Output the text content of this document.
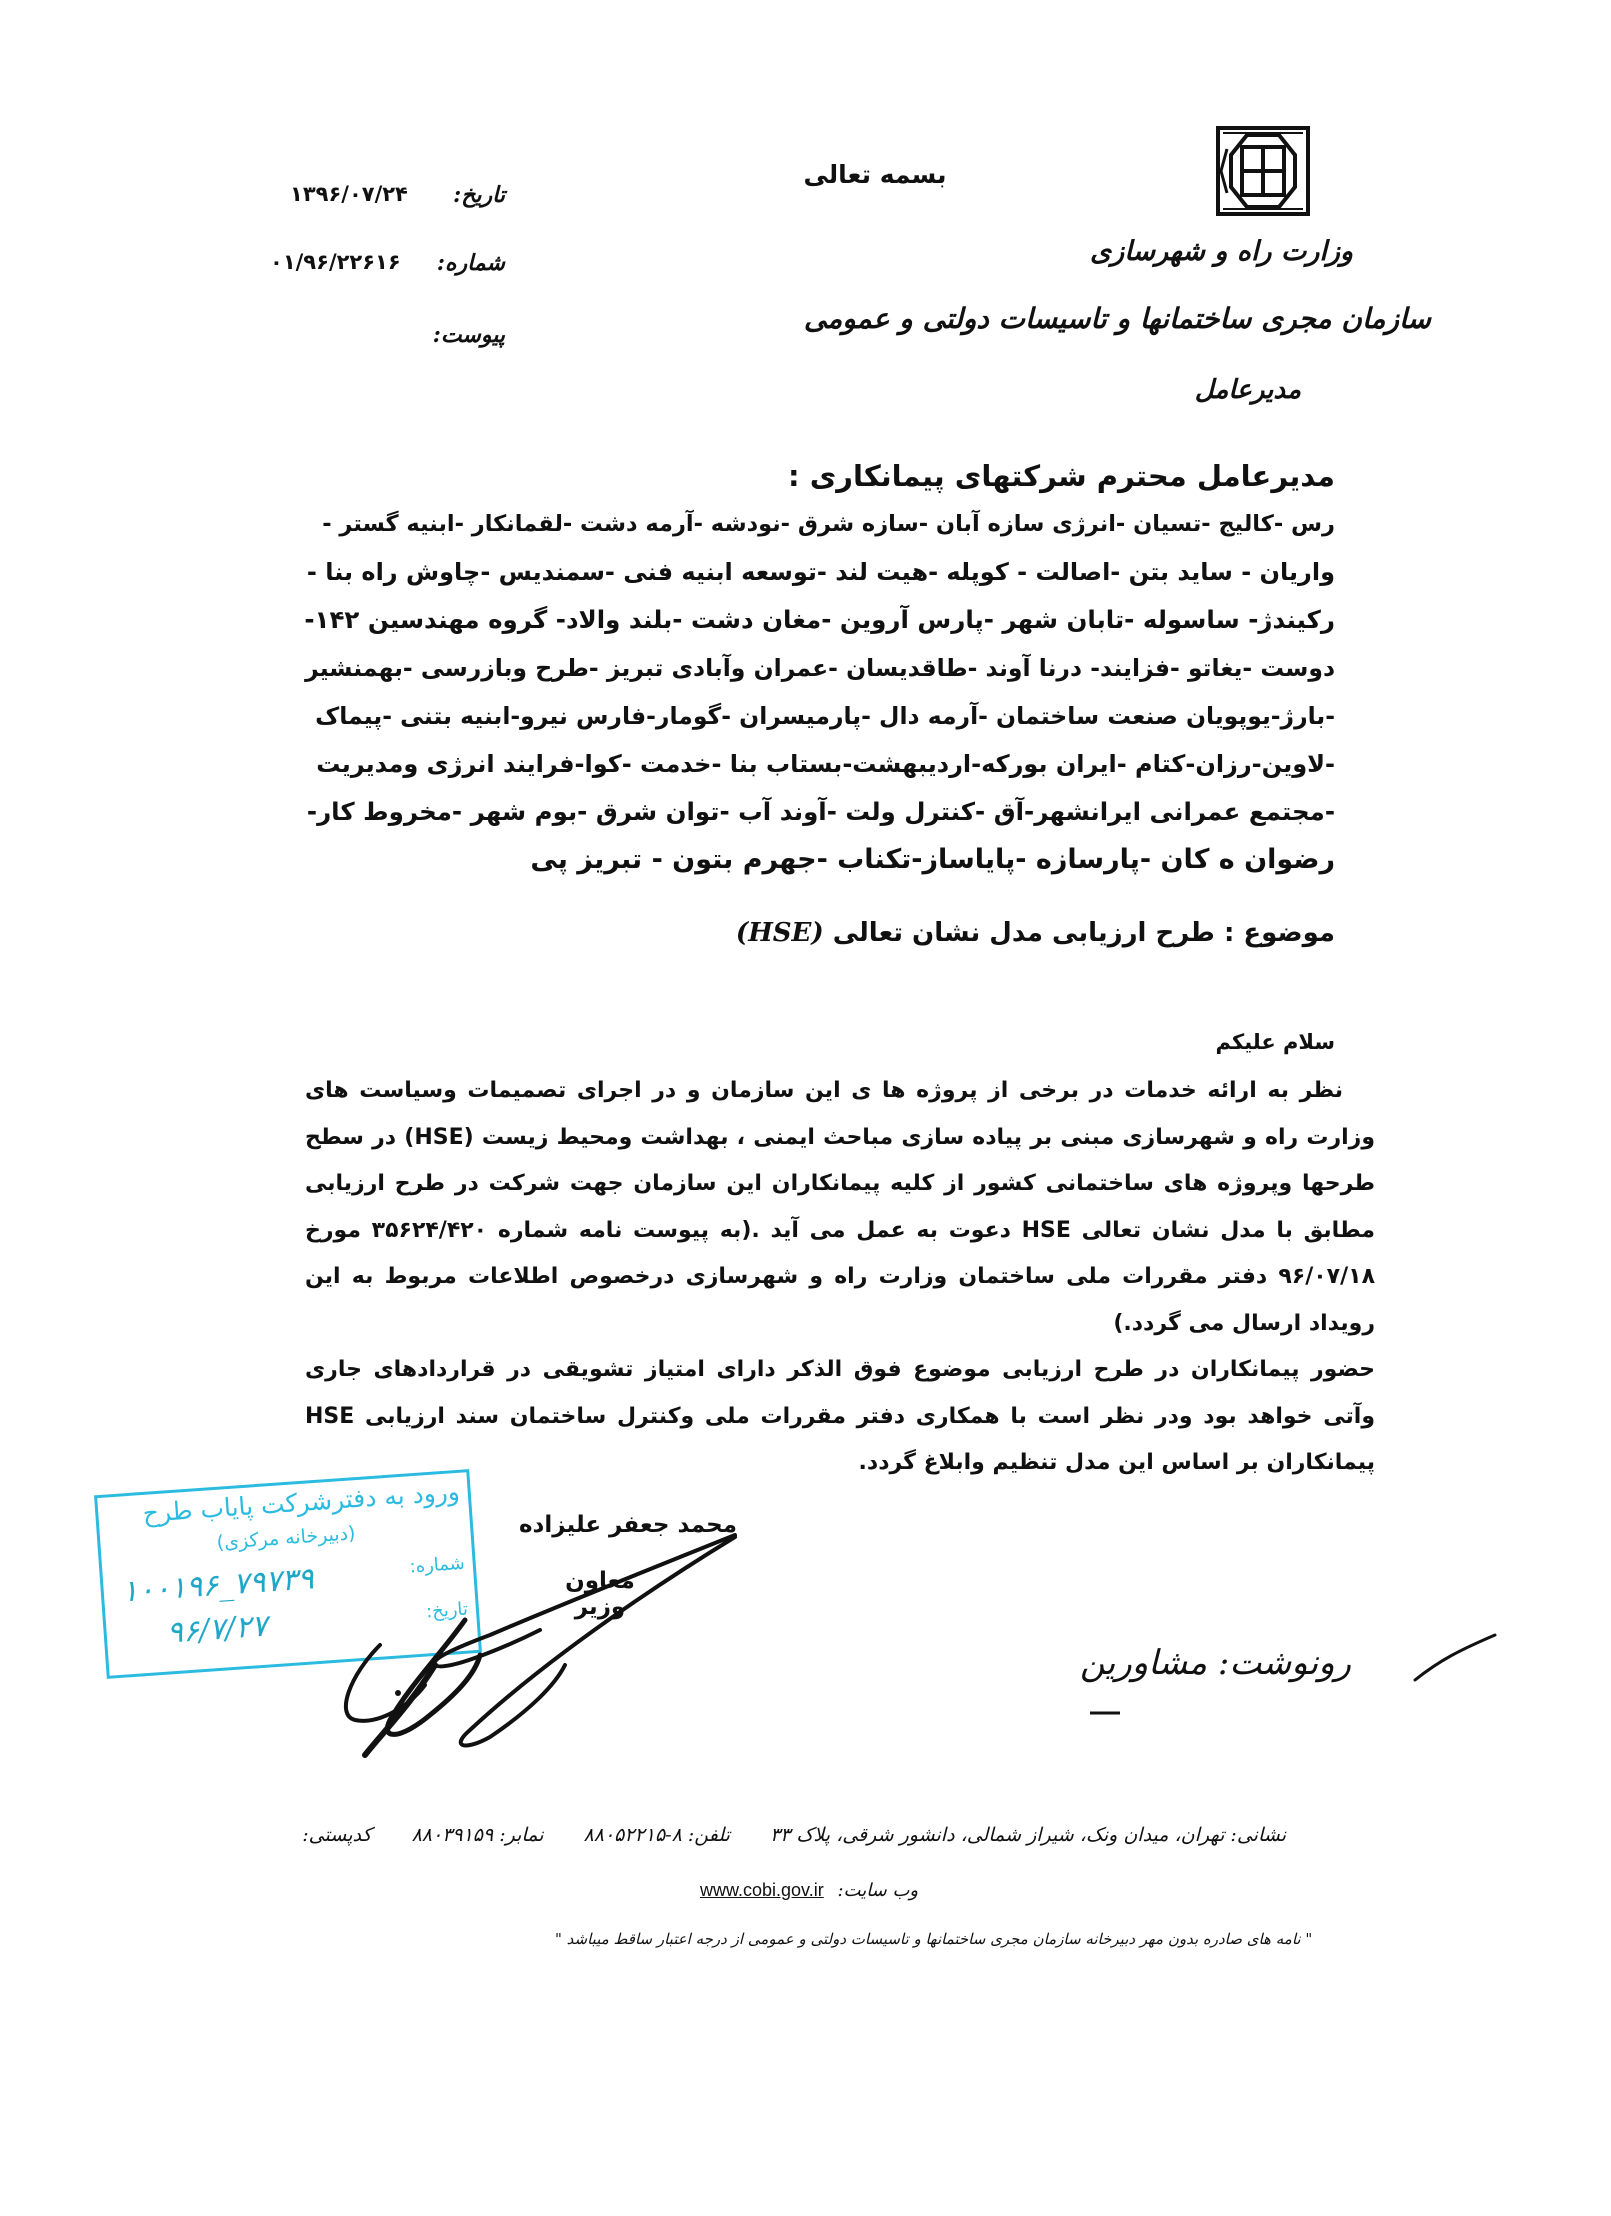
وزارت راه و شهرسازی
سازمان مجری ساختمانها و تاسیسات دولتی و عمومی
مدیرعامل
بسمه تعالی
تاریخ:
۱۳۹۶/۰۷/۲۴
شماره:
۰۱/۹۶/۲۲۶۱۶
پیوست:
مدیرعامل محترم شرکتهای پیمانکاری :
رس -کالیج -تسیان -انرژی سازه آبان -سازه شرق -نودشه -آرمه دشت -لقمانکار -ابنیه گستر -
واریان - ساید بتن -اصالت - کوپله -هیت لند -توسعه ابنیه فنی -سمندیس -چاوش راه بنا -
رکیندژ- ساسوله -تابان شهر -پارس آروین -مغان دشت -بلند والاد- گروه مهندسین ۱۴۲-
دوست -یغاتو -فزایند- درنا آوند -طاقدیسان -عمران وآبادی تبریز -طرح وبازرسی -بهمنشیر
-بارژ-یوپویان صنعت ساختمان -آرمه دال -پارمیسران -گومار-فارس نیرو-ابنیه بتنی -پیماک
-لاوین-رزان-کتام -ایران بورکه-اردیبهشت-بستاب بنا -خدمت -کوا-فرایند انرژی ومدیریت
-مجتمع عمرانی ایرانشهر-آق -کنترل ولت -آوند آب -توان شرق -بوم شهر -مخروط کار-
رضوان ه کان -پارسازه -پایاساز-تکناب -جهرم بتون - تبریز پی
موضوع : طرح ارزیابی مدل نشان تعالی (HSE)
سلام علیکم
نظر به ارائه خدمات در برخی از پروژه ها ی این سازمان و در اجرای تصمیمات وسیاست های
وزارت راه و شهرسازی مبنی بر پیاده سازی مباحث ایمنی ، بهداشت ومحیط زیست (HSE) در سطح
طرحها وپروژه های ساختمانی کشور از کلیه پیمانکاران این سازمان جهت شرکت در طرح ارزیابی
مطابق با مدل نشان تعالی HSE دعوت به عمل می آید .(به پیوست نامه شماره ۳۵۶۲۴/۴۲۰ مورخ
۹۶/۰۷/۱۸ دفتر مقررات ملی ساختمان وزارت راه و شهرسازی درخصوص اطلاعات مربوط به این
رویداد ارسال می گردد.)
حضور پیمانکاران در طرح ارزیابی موضوع فوق الذکر دارای امتیاز تشویقی در قراردادهای جاری
وآتی خواهد بود ودر نظر است با همکاری دفتر مقررات ملی وکنترل ساختمان سند ارزیابی HSE
پیمانکاران بر اساس این مدل تنظیم وابلاغ گردد.
ورود به دفترشرکت پایاب طرح
(دبیرخانه مرکزی)
شماره:
۱۰۰۱۹۶_۷۹۷۳۹
تاریخ:
۹۶/۷/۲۷
محمد جعفر علیزاده
معاون وزیر
رونوشت: مشاورین
نشانی: تهران، میدان ونک، شیراز شمالی، دانشور شرقی، پلاک ۳۳ تلفن: ۸-۸۸۰۵۲۲۱۵ نمابر: ۸۸۰۳۹۱۵۹ کدپستی:
وب سایت: www.cobi.gov.ir
" نامه های صادره بدون مهر دبیرخانه سازمان مجری ساختمانها و تاسیسات دولتی و عمومی از درجه اعتبار ساقط میباشد "
